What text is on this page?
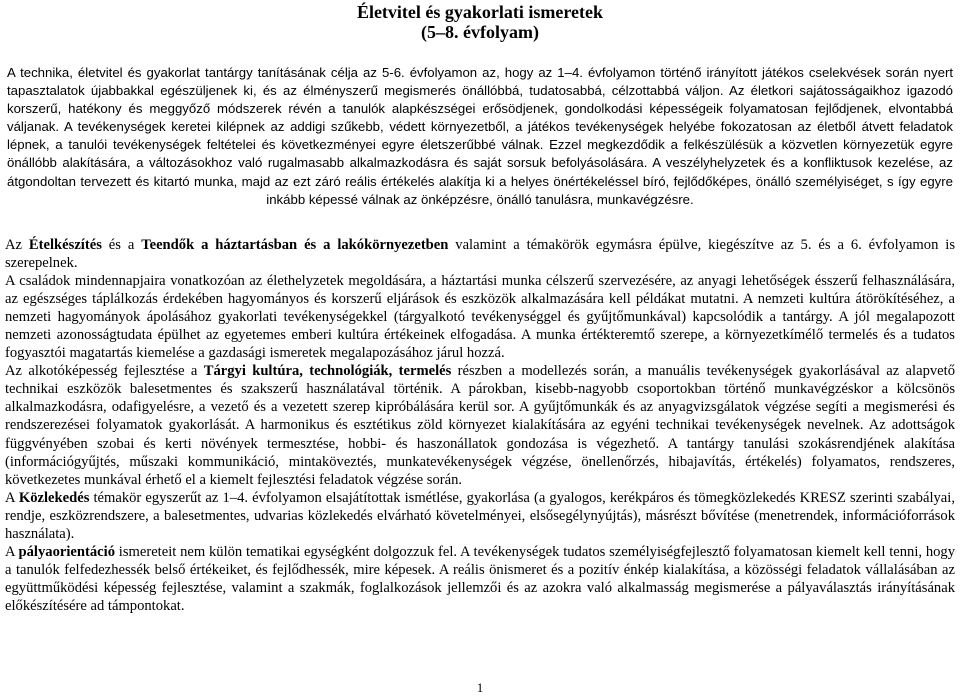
Életvitel és gyakorlati ismeretek
(5–8. évfolyam)

A technika, életvitel és gyakorlat tantárgy tanításának célja az 5-6. évfolyamon az, hogy az 1–4. évfolyamon történő irányított játékos cselekvések során nyert tapasztalatok újabbakkal egészüljenek ki, és az élményszerű megismerés önállóbbá, tudatosabbá, célzottabbá váljon. Az életkori sajátosságaikhoz igazodó korszerű, hatékony és meggyőző módszerek révén a tanulók alapkészségei erősödjenek, gondolkodási képességeik folyamatosan fejlődjenek, elvontabbá váljanak. A tevékenységek keretei kilépnek az addigi szűkebb, védett környezetből, a játékos tevékenységek helyébe fokozatosan az életből átvett feladatok lépnek, a tanulói tevékenységek feltételei és következményei egyre életszerűbbé válnak. Ezzel megkezdődik a felkészülésük a közvetlen környezetük egyre önállóbb alakítására, a változásokhoz való rugalmasabb alkalmazkodásra és saját sorsuk befolyásolására. A veszélyhelyzetek és a konfliktusok kezelése, az átgondoltan tervezett és kitartó munka, majd az ezt záró reális értékelés alakítja ki a helyes önértékeléssel bíró, fejlődőképes, önálló személyiséget, s így egyre inkább képessé válnak az önképzésre, önálló tanulásra, munkavégzésre.

Az Ételkészítés és a Teendők a háztartásban és a lakókörnyezetben valamint a témakörök egymásra épülve, kiegészítve az 5. és a 6. évfolyamon is szerepelnek.

A családok mindennapjaira vonatkozóan az élethelyzetek megoldására, a háztartási munka célszerű szervezésére, az anyagi lehetőségek ésszerű felhasználására, az egészséges táplálkozás érdekében hagyományos és korszerű eljárások és eszközök alkalmazására kell példákat mutatni. A nemzeti kultúra átörökítéséhez, a nemzeti hagyományok ápolásához gyakorlati tevékenységekkel (tárgyalkotó tevékenységgel és gyűjtőmunkával) kapcsolódik a tantárgy. A jól megalapozott nemzeti azonosságtudata épülhet az egyetemes emberi kultúra értékeinek elfogadása. A munka értékteremtő szerepe, a környezetkímélő termelés és a tudatos fogyasztói magatartás kiemelése a gazdasági ismeretek megalapozásához járul hozzá.

Az alkotóképesség fejlesztése a Tárgyi kultúra, technológiák, termelés részben a modellezés során, a manuális tevékenységek gyakorlásával az alapvető technikai eszközök balesetmentes és szakszerű használatával történik. A párokban, kisebb-nagyobb csoportokban történő munkavégzéskor a kölcsönös alkalmazkodásra, odafigyelésre, a vezető és a vezetett szerep kipróbálására kerül sor. A gyűjtőmunkák és az anyagvizsgálatok végzése segíti a megismerési és rendszerezései folyamatok gyakorlását. A harmonikus és esztétikus zöld környezet kialakítására az egyéni technikai tevékenységek nevelnek. Az adottságok függvényében szobai és kerti növények termesztése, hobbi- és haszonállatok gondozása is végezhető. A tantárgy tanulási szokásrendjének alakítása (információgyűjtés, műszaki kommunikáció, mintaköveztés, munkatevékenységek végzése, önellenőrzés, hibajavítás, értékelés) folyamatos, rendszeres, következetes munkával érhető el a kiemelt fejlesztési feladatok végzése során.

A Közlekedés témakör egyszerűt az 1–4. évfolyamon elsajátítottak ismétlése, gyakorlása (a gyalogos, kerékpáros és tömegközlekedés KRESZ szerinti szabályai, rendje, eszközrendszere, a balesetmentes, udvarias közlekedés elvárható követelményei, elsősegélynyújtás), másrészt bővítése (menetrendek, információforrások használata).

A pályaorientáció ismereteit nem külön tematikai egységként dolgozzuk fel. A tevékenységek tudatos személyiségfejlesztő folyamatosan kiemelt kell tenni, hogy a tanulók felfedezhessék belső értékeiket, és fejlődhessék, mire képesek. A reális önismeret és a pozitív énkép kialakítása, a közösségi feladatok vállalásában az együttműködési képesség fejlesztése, valamint a szakmák, foglalkozások jellemzői és az azokra való alkalmasság megismerése a pályaválasztás irányításának előkészítésére ad támpontokat.

1
